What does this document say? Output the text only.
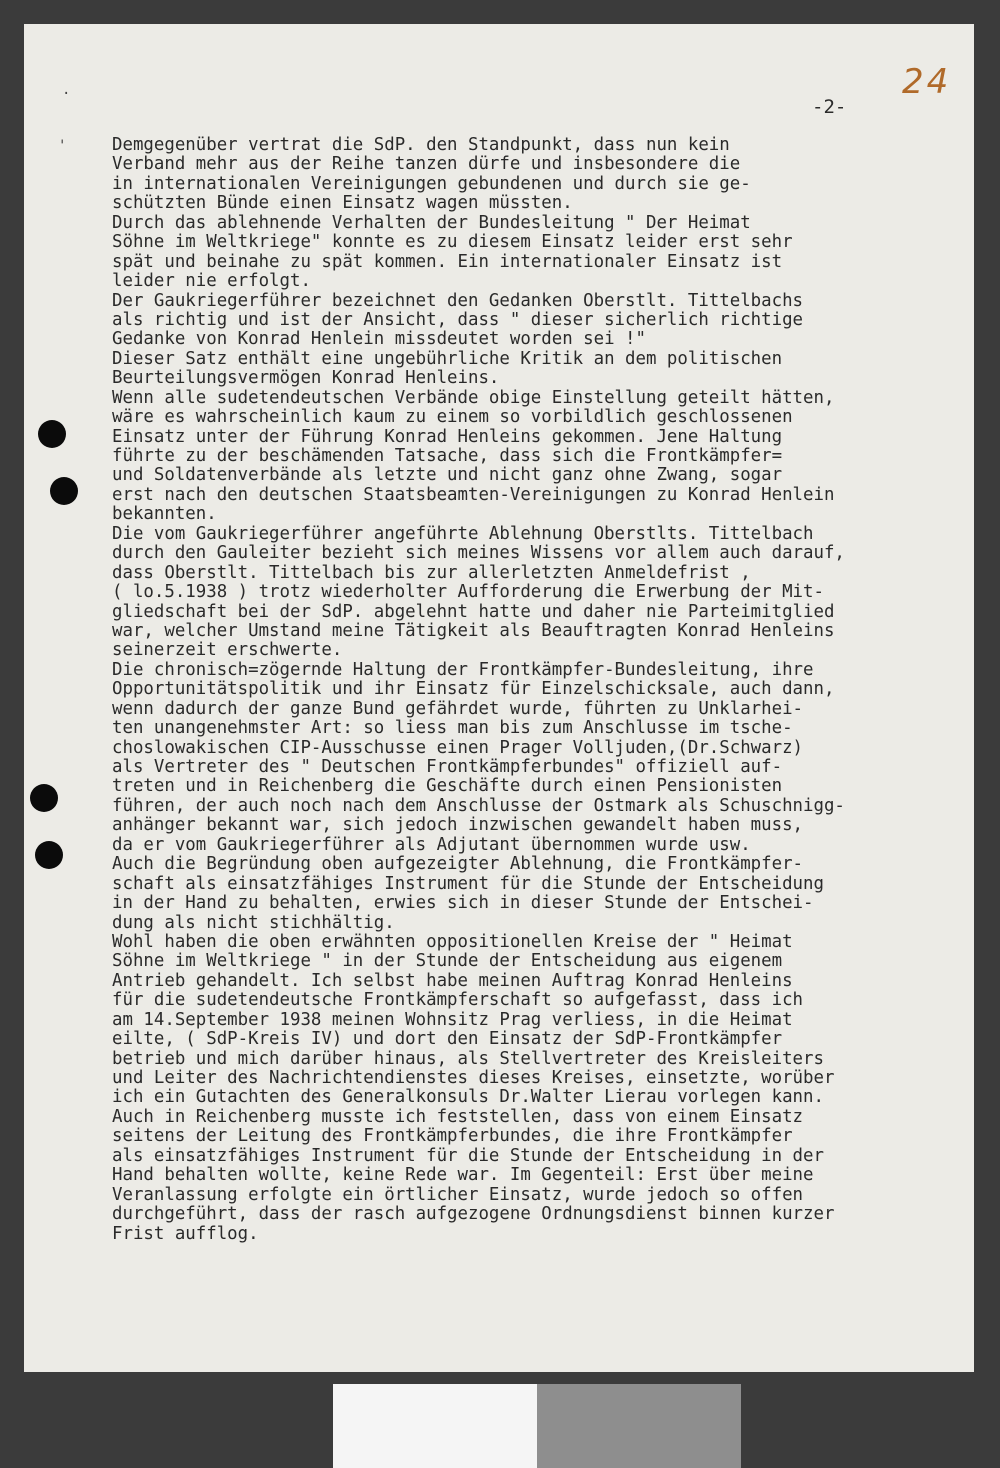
24
-2-
'
.
Demgegenüber vertrat die SdP. den Standpunkt, dass nun kein
Verband mehr aus der Reihe tanzen dürfe und insbesondere die
in internationalen Vereinigungen gebundenen und durch sie ge-
schützten Bünde einen Einsatz wagen müssten.
Durch das ablehnende Verhalten der Bundesleitung " Der Heimat
Söhne im Weltkriege" konnte es zu diesem Einsatz leider erst sehr
spät und beinahe zu spät kommen. Ein internationaler Einsatz ist
leider nie erfolgt.
Der Gaukriegerführer bezeichnet den Gedanken Oberstlt. Tittelbachs
als richtig und ist der Ansicht, dass " dieser sicherlich richtige
Gedanke von Konrad Henlein missdeutet worden sei !"
Dieser Satz enthält eine ungebührliche Kritik an dem politischen
Beurteilungsvermögen Konrad Henleins.
Wenn alle sudetendeutschen Verbände obige Einstellung geteilt hätten,
wäre es wahrscheinlich kaum zu einem so vorbildlich geschlossenen
Einsatz unter der Führung Konrad Henleins gekommen. Jene Haltung
führte zu der beschämenden Tatsache, dass sich die Frontkämpfer=
und Soldatenverbände als letzte und nicht ganz ohne Zwang, sogar
erst nach den deutschen Staatsbeamten-Vereinigungen zu Konrad Henlein
bekannten.
Die vom Gaukriegerführer angeführte Ablehnung Oberstlts. Tittelbach
durch den Gauleiter bezieht sich meines Wissens vor allem auch darauf,
dass Oberstlt. Tittelbach bis zur allerletzten Anmeldefrist ,
( lo.5.1938 ) trotz wiederholter Aufforderung die Erwerbung der Mit-
gliedschaft bei der SdP. abgelehnt hatte und daher nie Parteimitglied
war, welcher Umstand meine Tätigkeit als Beauftragten Konrad Henleins
seinerzeit erschwerte.
Die chronisch=zögernde Haltung der Frontkämpfer-Bundesleitung, ihre
Opportunitätspolitik und ihr Einsatz für Einzelschicksale, auch dann,
wenn dadurch der ganze Bund gefährdet wurde, führten zu Unklarhei-
ten unangenehmster Art: so liess man bis zum Anschlusse im tsche-
choslowakischen CIP-Ausschusse einen Prager Volljuden,(Dr.Schwarz)
als Vertreter des " Deutschen Frontkämpferbundes" offiziell auf-
treten und in Reichenberg die Geschäfte durch einen Pensionisten
führen, der auch noch nach dem Anschlusse der Ostmark als Schuschnigg-
anhänger bekannt war, sich jedoch inzwischen gewandelt haben muss,
da er vom Gaukriegerführer als Adjutant übernommen wurde usw.
Auch die Begründung oben aufgezeigter Ablehnung, die Frontkämpfer-
schaft als einsatzfähiges Instrument für die Stunde der Entscheidung
in der Hand zu behalten, erwies sich in dieser Stunde der Entschei-
dung als nicht stichhältig.
Wohl haben die oben erwähnten oppositionellen Kreise der " Heimat
Söhne im Weltkriege " in der Stunde der Entscheidung aus eigenem
Antrieb gehandelt. Ich selbst habe meinen Auftrag Konrad Henleins
für die sudetendeutsche Frontkämpferschaft so aufgefasst, dass ich
am 14.September 1938 meinen Wohnsitz Prag verliess, in die Heimat
eilte, ( SdP-Kreis IV) und dort den Einsatz der SdP-Frontkämpfer
betrieb und mich darüber hinaus, als Stellvertreter des Kreisleiters
und Leiter des Nachrichtendienstes dieses Kreises, einsetzte, worüber
ich ein Gutachten des Generalkonsuls Dr.Walter Lierau vorlegen kann.
Auch in Reichenberg musste ich feststellen, dass von einem Einsatz
seitens der Leitung des Frontkämpferbundes, die ihre Frontkämpfer
als einsatzfähiges Instrument für die Stunde der Entscheidung in der
Hand behalten wollte, keine Rede war. Im Gegenteil: Erst über meine
Veranlassung erfolgte ein örtlicher Einsatz, wurde jedoch so offen
durchgeführt, dass der rasch aufgezogene Ordnungsdienst binnen kurzer
Frist aufflog.
